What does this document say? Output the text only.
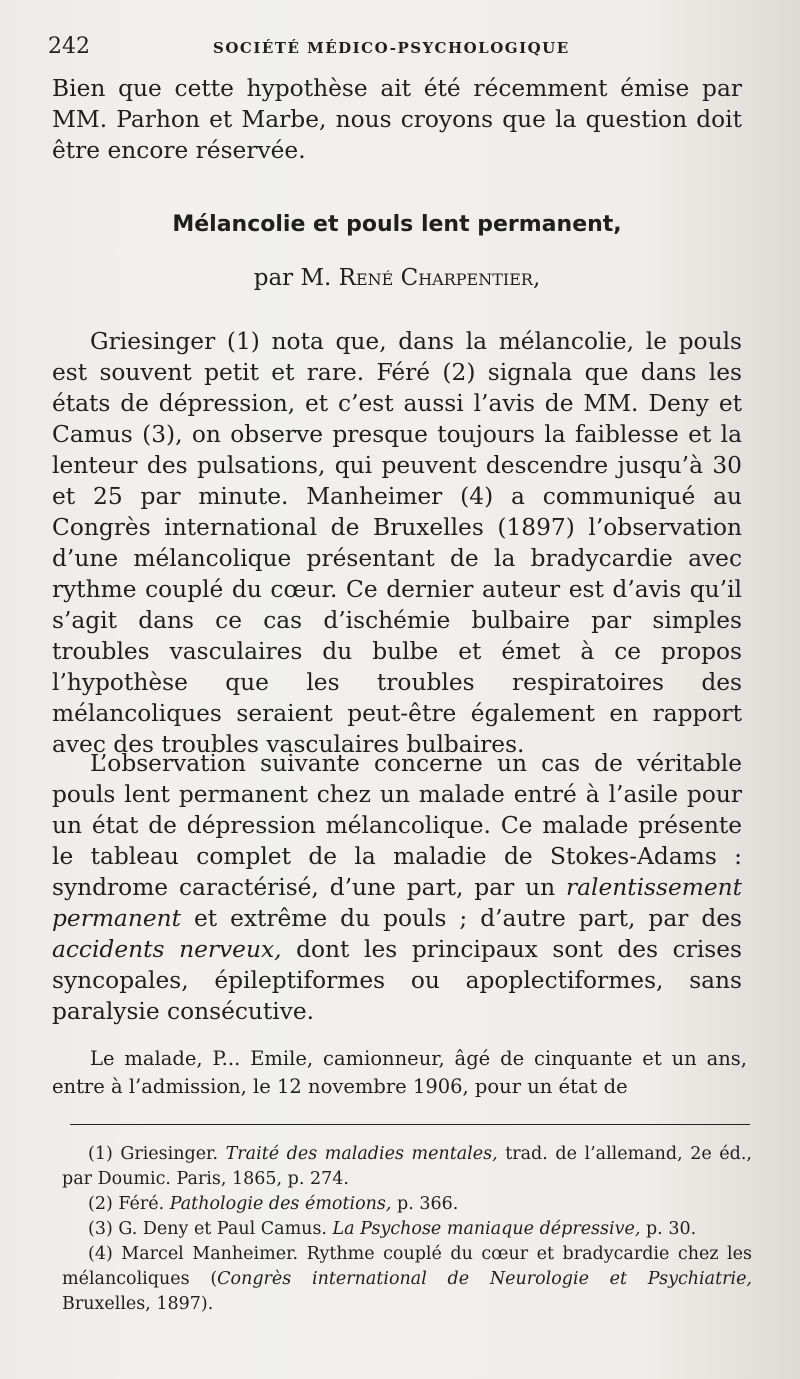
242	SOCIÉTÉ MÉDICO-PSYCHOLOGIQUE

Bien que cette hypothèse ait été récemment émise par MM. Parhon et Marbe, nous croyons que la question doit être encore réservée.

Mélancolie et pouls lent permanent,
par M. René Charpentier,

Griesinger (1) nota que, dans la mélancolie, le pouls est souvent petit et rare. Féré (2) signala que dans les états de dépression, et c’est aussi l’avis de MM. Deny et Camus (3), on observe presque toujours la faiblesse et la lenteur des pulsations, qui peuvent descendre jusqu’à 30 et 25 par minute. Manheimer (4) a communiqué au Congrès international de Bruxelles (1897) l’observation d’une mélancolique présentant de la bradycardie avec rythme couplé du cœur. Ce dernier auteur est d’avis qu’il s’agit dans ce cas d’ischémie bulbaire par simples troubles vasculaires du bulbe et émet à ce propos l’hypothèse que les troubles respiratoires des mélancoliques seraient peut-être également en rapport avec des troubles vasculaires bulbaires.

L’observation suivante concerne un cas de véritable pouls lent permanent chez un malade entré à l’asile pour un état de dépression mélancolique. Ce malade présente le tableau complet de la maladie de Stokes-Adams : syndrome caractérisé, d’une part, par un ralentissement permanent et extrême du pouls ; d’autre part, par des accidents nerveux, dont les principaux sont des crises syncopales, épileptiformes ou apoplectiformes, sans paralysie consécutive.

Le malade, P... Emile, camionneur, âgé de cinquante et un ans, entre à l’admission, le 12 novembre 1906, pour un état de

(1) Griesinger. Traité des maladies mentales, trad. de l’allemand, 2e éd., par Doumic. Paris, 1865, p. 274.
(2) Féré. Pathologie des émotions, p. 366.
(3) G. Deny et Paul Camus. La Psychose maniaque dépressive, p. 30.
(4) Marcel Manheimer. Rythme couplé du cœur et bradycardie chez les mélancoliques (Congrès international de Neurologie et Psychiatrie, Bruxelles, 1897).
